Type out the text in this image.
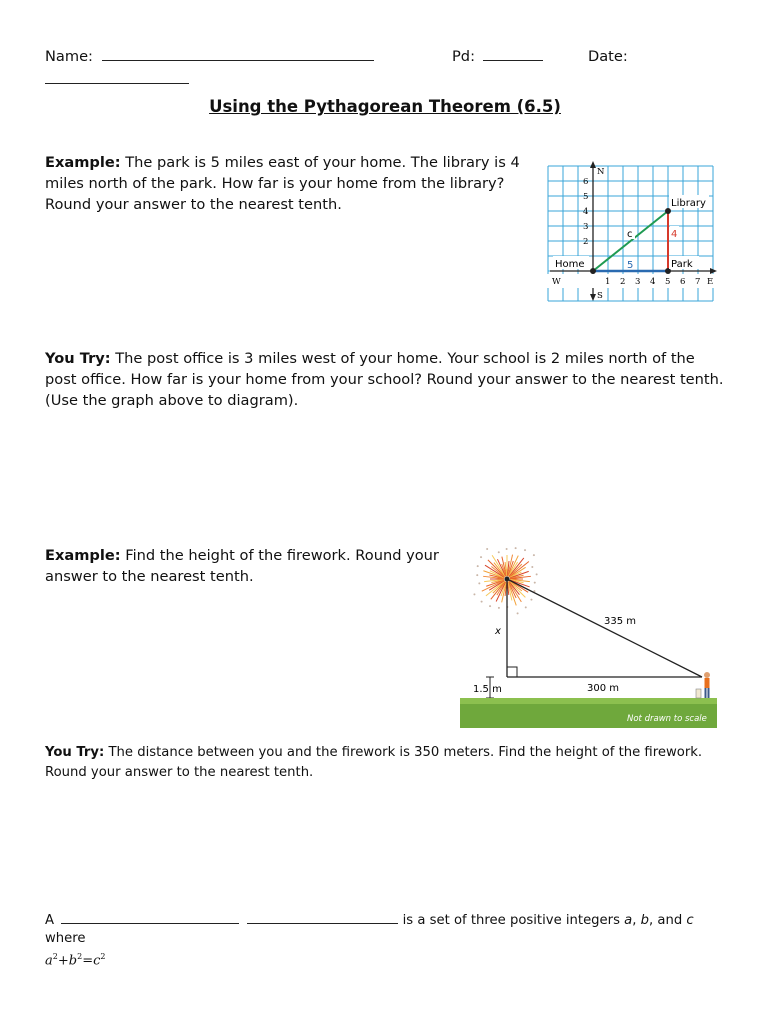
Name:	Pd:	Date:
Using the Pythagorean Theorem (6.5)
Example: The park is 5 miles east of your home. The library is 4 miles north of the park. How far is your home from the library? Round your answer to the nearest tenth.
6
5
4
3
2
1 2 3 4 5 6 7
N
S
W	E
Home	Park
Library
5
4
c
You Try: The post office is 3 miles west of your home. Your school is 2 miles north of the post office. How far is your home from your school? Round your answer to the nearest tenth. (Use the graph above to diagram).
Example: Find the height of the firework. Round your answer to the nearest tenth.
x
335 m
300 m
1.5 m
Not drawn to scale
You Try: The distance between you and the firework is 350 meters. Find the height of the firework. Round your answer to the nearest tenth.
A	is a set of three positive integers a, b, and c
where
$a^2+b^2=c^2$
